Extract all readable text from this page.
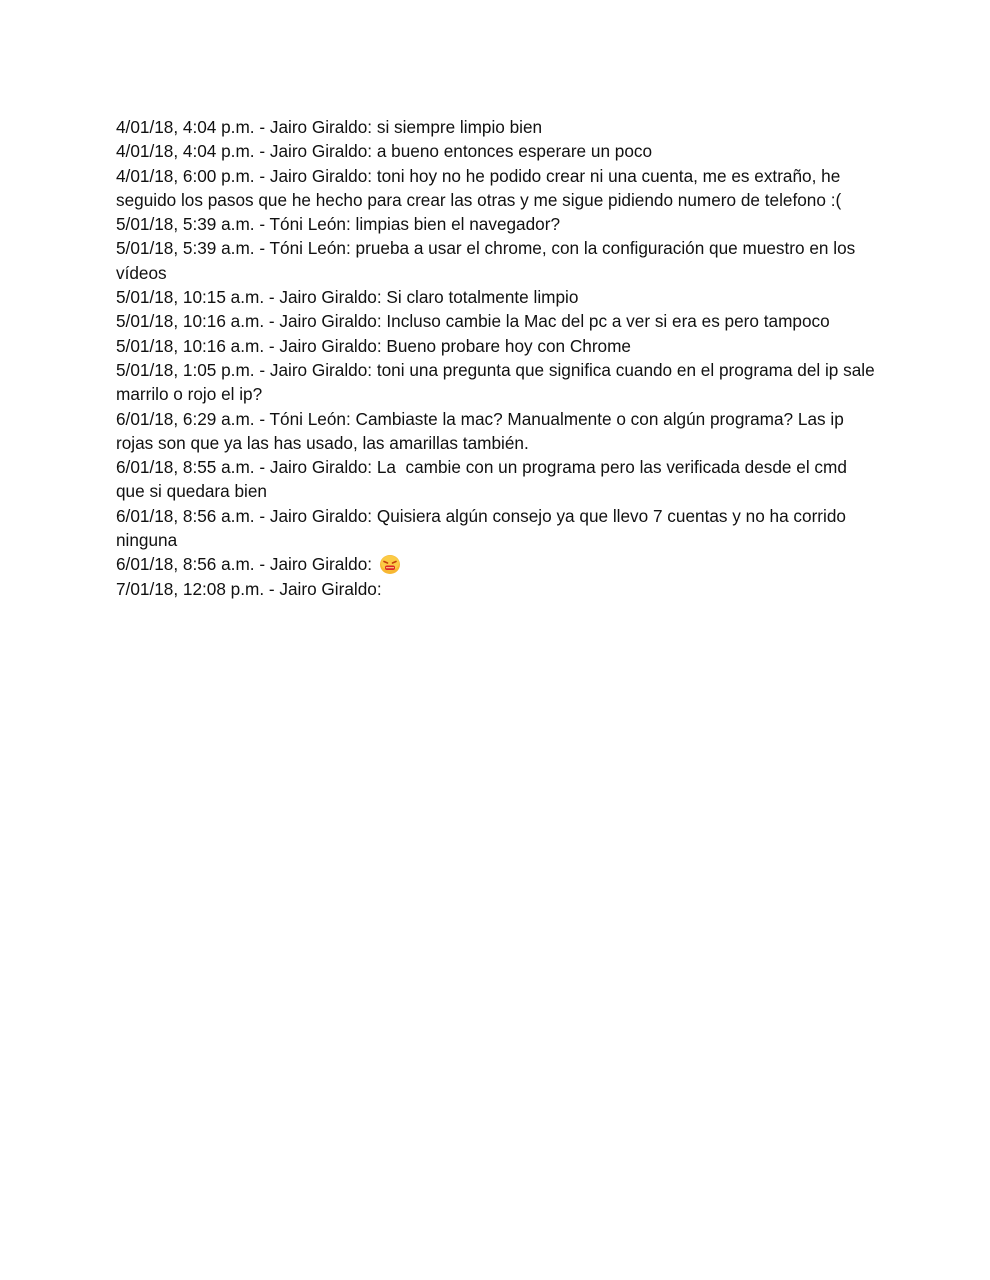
4/01/18, 4:04 p.m. - Jairo Giraldo: si siempre limpio bien

4/01/18, 4:04 p.m. - Jairo Giraldo: a bueno entonces esperare un poco

4/01/18, 6:00 p.m. - Jairo Giraldo: toni hoy no he podido crear ni una cuenta, me es extraño, he seguido los pasos que he hecho para crear las otras y me sigue pidiendo numero de telefono :(

5/01/18, 5:39 a.m. - Tóni León: limpias bien el navegador?

5/01/18, 5:39 a.m. - Tóni León: prueba a usar el chrome, con la configuración que muestro en los vídeos

5/01/18, 10:15 a.m. - Jairo Giraldo: Si claro totalmente limpio

5/01/18, 10:16 a.m. - Jairo Giraldo: Incluso cambie la Mac del pc a ver si era es pero tampoco

5/01/18, 10:16 a.m. - Jairo Giraldo: Bueno probare hoy con Chrome

5/01/18, 1:05 p.m. - Jairo Giraldo: toni una pregunta que significa cuando en el programa del ip sale marrilo o rojo el ip?

6/01/18, 6:29 a.m. - Tóni León: Cambiaste la mac? Manualmente o con algún programa? Las ip rojas son que ya las has usado, las amarillas también.

6/01/18, 8:55 a.m. - Jairo Giraldo: La  cambie con un programa pero las verificada desde el cmd que si quedara bien

6/01/18, 8:56 a.m. - Jairo Giraldo: Quisiera algún consejo ya que llevo 7 cuentas y no ha corrido ninguna

6/01/18, 8:56 a.m. - Jairo Giraldo:

7/01/18, 12:08 p.m. - Jairo Giraldo:
